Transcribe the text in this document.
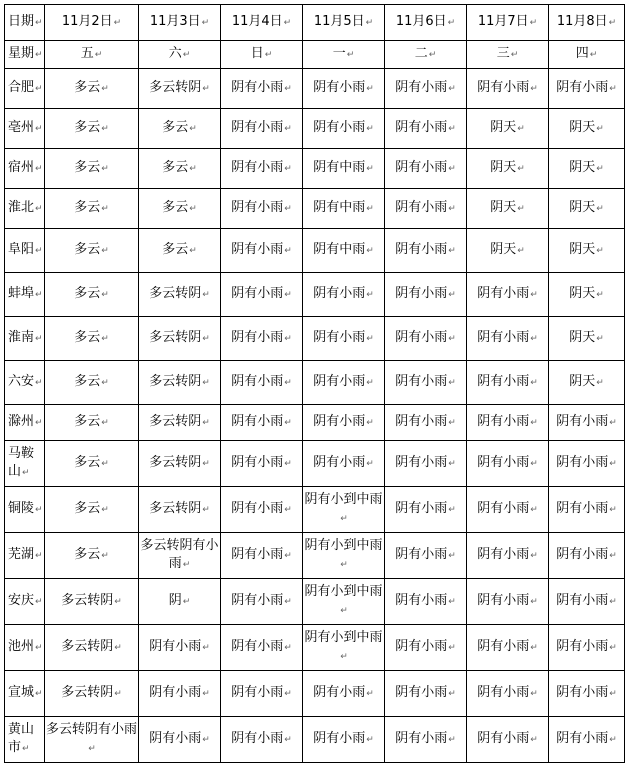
日期↵	11月2日↵	11月3日↵	11月4日↵	11月5日↵	11月6日↵	11月7日↵	11月8日↵
星期↵	五↵	六↵	日↵	一↵	二↵	三↵	四↵
合肥↵	多云↵	多云转阴↵	阴有小雨↵	阴有小雨↵	阴有小雨↵	阴有小雨↵	阴有小雨↵
亳州↵	多云↵	多云↵	阴有小雨↵	阴有小雨↵	阴有小雨↵	阴天↵	阴天↵
宿州↵	多云↵	多云↵	阴有小雨↵	阴有中雨↵	阴有小雨↵	阴天↵	阴天↵
淮北↵	多云↵	多云↵	阴有小雨↵	阴有中雨↵	阴有小雨↵	阴天↵	阴天↵
阜阳↵	多云↵	多云↵	阴有小雨↵	阴有中雨↵	阴有小雨↵	阴天↵	阴天↵
蚌埠↵	多云↵	多云转阴↵	阴有小雨↵	阴有小雨↵	阴有小雨↵	阴有小雨↵	阴天↵
淮南↵	多云↵	多云转阴↵	阴有小雨↵	阴有小雨↵	阴有小雨↵	阴有小雨↵	阴天↵
六安↵	多云↵	多云转阴↵	阴有小雨↵	阴有小雨↵	阴有小雨↵	阴有小雨↵	阴天↵
滁州↵	多云↵	多云转阴↵	阴有小雨↵	阴有小雨↵	阴有小雨↵	阴有小雨↵	阴有小雨↵
马鞍山↵	多云↵	多云转阴↵	阴有小雨↵	阴有小雨↵	阴有小雨↵	阴有小雨↵	阴有小雨↵
铜陵↵	多云↵	多云转阴↵	阴有小雨↵	阴有小到中雨↵	阴有小雨↵	阴有小雨↵	阴有小雨↵
芜湖↵	多云↵	多云转阴有小雨↵	阴有小雨↵	阴有小到中雨↵	阴有小雨↵	阴有小雨↵	阴有小雨↵
安庆↵	多云转阴↵	阴↵	阴有小雨↵	阴有小到中雨↵	阴有小雨↵	阴有小雨↵	阴有小雨↵
池州↵	多云转阴↵	阴有小雨↵	阴有小雨↵	阴有小到中雨↵	阴有小雨↵	阴有小雨↵	阴有小雨↵
宣城↵	多云转阴↵	阴有小雨↵	阴有小雨↵	阴有小雨↵	阴有小雨↵	阴有小雨↵	阴有小雨↵
黄山市↵	多云转阴有小雨↵	阴有小雨↵	阴有小雨↵	阴有小雨↵	阴有小雨↵	阴有小雨↵	阴有小雨↵
